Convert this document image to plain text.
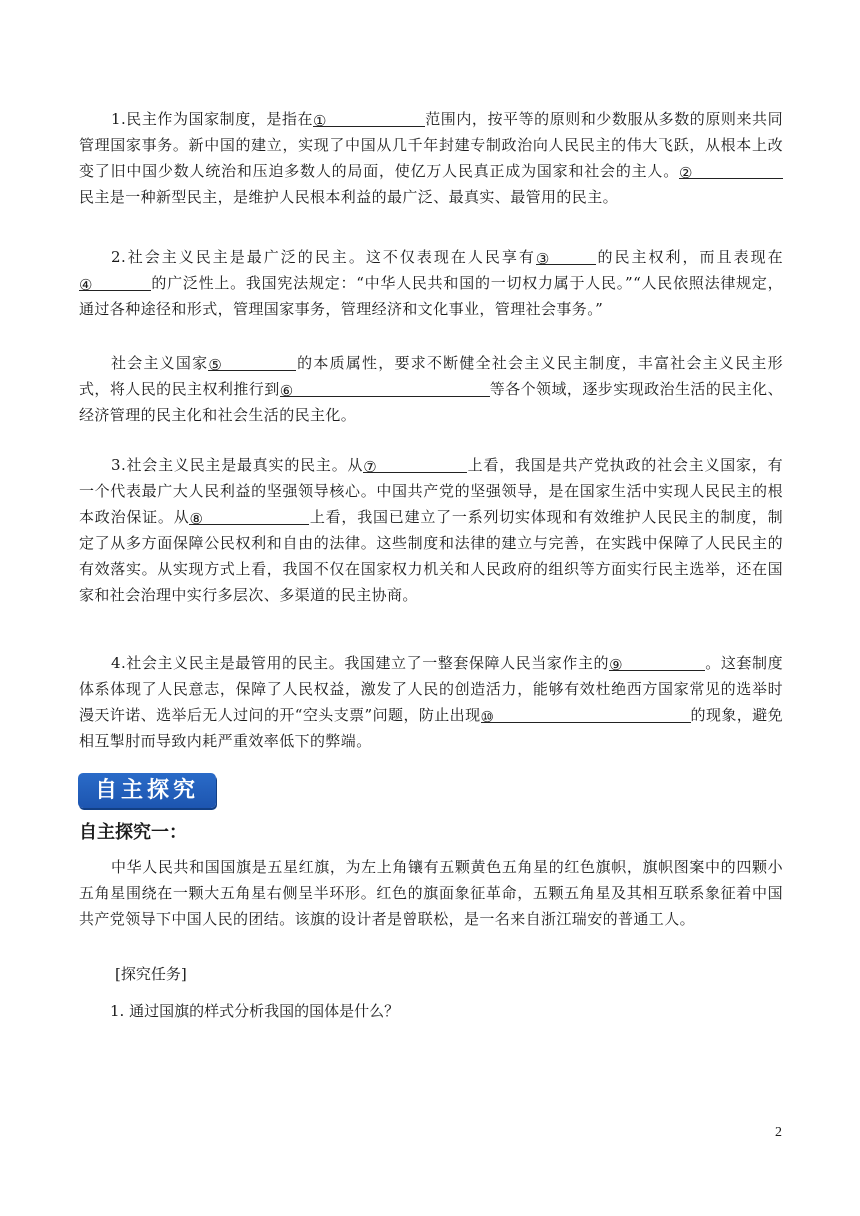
1.民主作为国家制度，是指在①	范围内，按平等的原则和少数服从多数的原则来共同管理国家事务。新中国的建立，实现了中国从几千年封建专制政治向人民民主的伟大飞跃，从根本上改变了旧中国少数人统治和压迫多数人的局面，使亿万人民真正成为国家和社会的主人。②民主是一种新型民主，是维护人民根本利益的最广泛、最真实、最管用的民主。

2.社会主义民主是最广泛的民主。这不仅表现在人民享有③	的民主权利，而且表现在④	的广泛性上。我国宪法规定：“中华人民共和国的一切权力属于人民。”“人民依照法律规定，通过各种途径和形式，管理国家事务，管理经济和文化事业，管理社会事务。”

社会主义国家⑤	的本质属性，要求不断健全社会主义民主制度，丰富社会主义民主形式，将人民的民主权利推行到⑥	等各个领域，逐步实现政治生活的民主化、经济管理的民主化和社会生活的民主化。

3.社会主义民主是最真实的民主。从⑦	上看，我国是共产党执政的社会主义国家，有一个代表最广大人民利益的坚强领导核心。中国共产党的坚强领导，是在国家生活中实现人民民主的根本政治保证。从⑧	上看，我国已建立了一系列切实体现和有效维护人民民主的制度，制定了从多方面保障公民权利和自由的法律。这些制度和法律的建立与完善，在实践中保障了人民民主的有效落实。从实现方式上看，我国不仅在国家权力机关和人民政府的组织等方面实行民主选举，还在国家和社会治理中实行多层次、多渠道的民主协商。

4.社会主义民主是最管用的民主。我国建立了一整套保障人民当家作主的⑨	。这套制度体系体现了人民意志，保障了人民权益，激发了人民的创造活力，能够有效杜绝西方国家常见的选举时漫天许诺、选举后无人过问的开“空头支票”问题，防止出现⑩	的现象，避免相互掣肘而导致内耗严重效率低下的弊端。

自主探究
自主探究一：

中华人民共和国国旗是五星红旗，为左上角镶有五颗黄色五角星的红色旗帜，旗帜图案中的四颗小五角星围绕在一颗大五角星右侧呈半环形。红色的旗面象征革命，五颗五角星及其相互联系象征着中国共产党领导下中国人民的团结。该旗的设计者是曾联松，是一名来自浙江瑞安的普通工人。

[探究任务]
1. 通过国旗的样式分析我国的国体是什么？
2
